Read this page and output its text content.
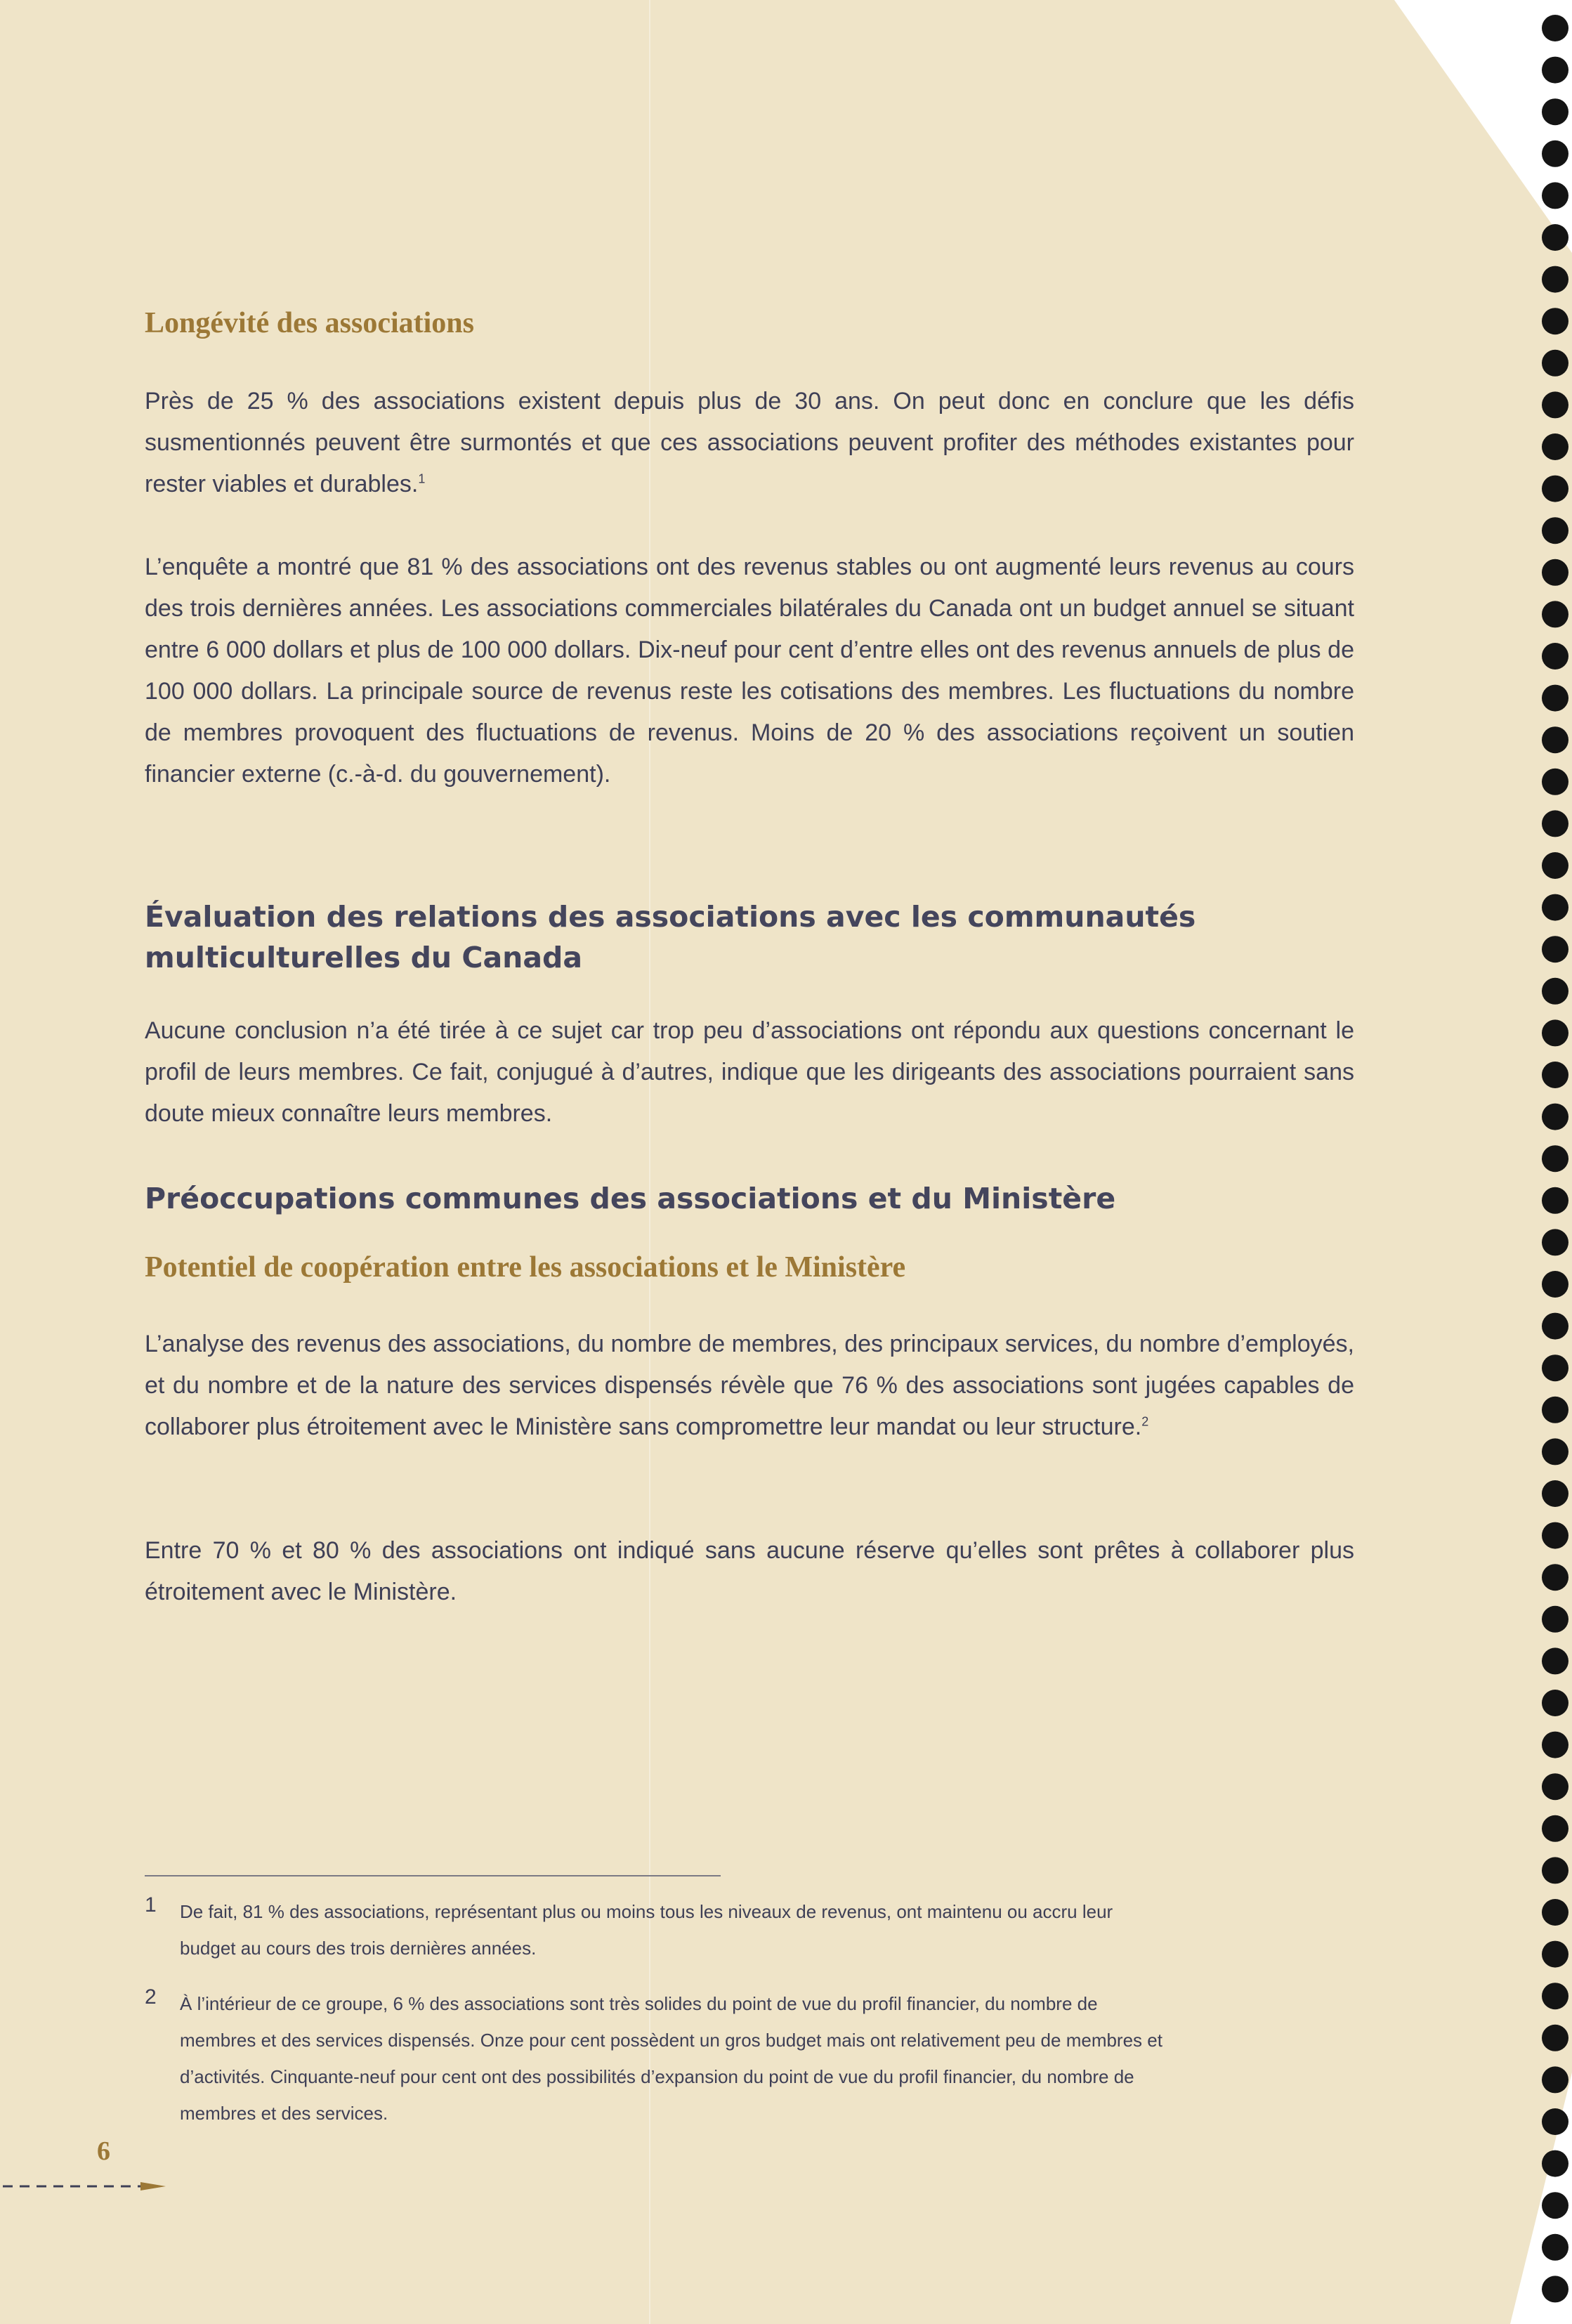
Longévité des associations
Près de 25 % des associations existent depuis plus de 30 ans. On peut donc en conclure que les défis susmentionnés peuvent être surmontés et que ces associations peuvent profiter des méthodes existantes pour rester viables et durables.$^1$
L’enquête a montré que 81 % des associations ont des revenus stables ou ont augmenté leurs revenus au cours des trois dernières années. Les associations commerciales bilatérales du Canada ont un budget annuel se situant entre 6 000 dollars et plus de 100 000 dollars. Dix-neuf pour cent d’entre elles ont des revenus annuels de plus de 100 000 dollars. La principale source de revenus reste les cotisations des membres. Les fluctuations du nombre de membres provoquent des fluctuations de revenus. Moins de 20 % des associations reçoivent un soutien financier externe (c.-à-d. du gouvernement).
Évaluation des relations des associations avec les communautés multiculturelles du Canada
Aucune conclusion n’a été tirée à ce sujet car trop peu d’associations ont répondu aux questions concernant le profil de leurs membres. Ce fait, conjugué à d’autres, indique que les dirigeants des associations pourraient sans doute mieux connaître leurs membres.
Préoccupations communes des associations et du Ministère
Potentiel de coopération entre les associations et le Ministère
L’analyse des revenus des associations, du nombre de membres, des principaux services, du nombre d’employés, et du nombre et de la nature des services dispensés révèle que 76 % des associations sont jugées capables de collaborer plus étroitement avec le Ministère sans compromettre leur mandat ou leur structure.$^2$
Entre 70 % et 80 % des associations ont indiqué sans aucune réserve qu’elles sont prêtes à collaborer plus étroitement avec le Ministère.
1 De fait, 81 % des associations, représentant plus ou moins tous les niveaux de revenus, ont maintenu ou accru leur budget au cours des trois dernières années.
2 À l’intérieur de ce groupe, 6 % des associations sont très solides du point de vue du profil financier, du nombre de membres et des services dispensés. Onze pour cent possèdent un gros budget mais ont relativement peu de membres et d’activités. Cinquante-neuf pour cent ont des possibilités d’expansion du point de vue du profil financier, du nombre de membres et des services.
6
